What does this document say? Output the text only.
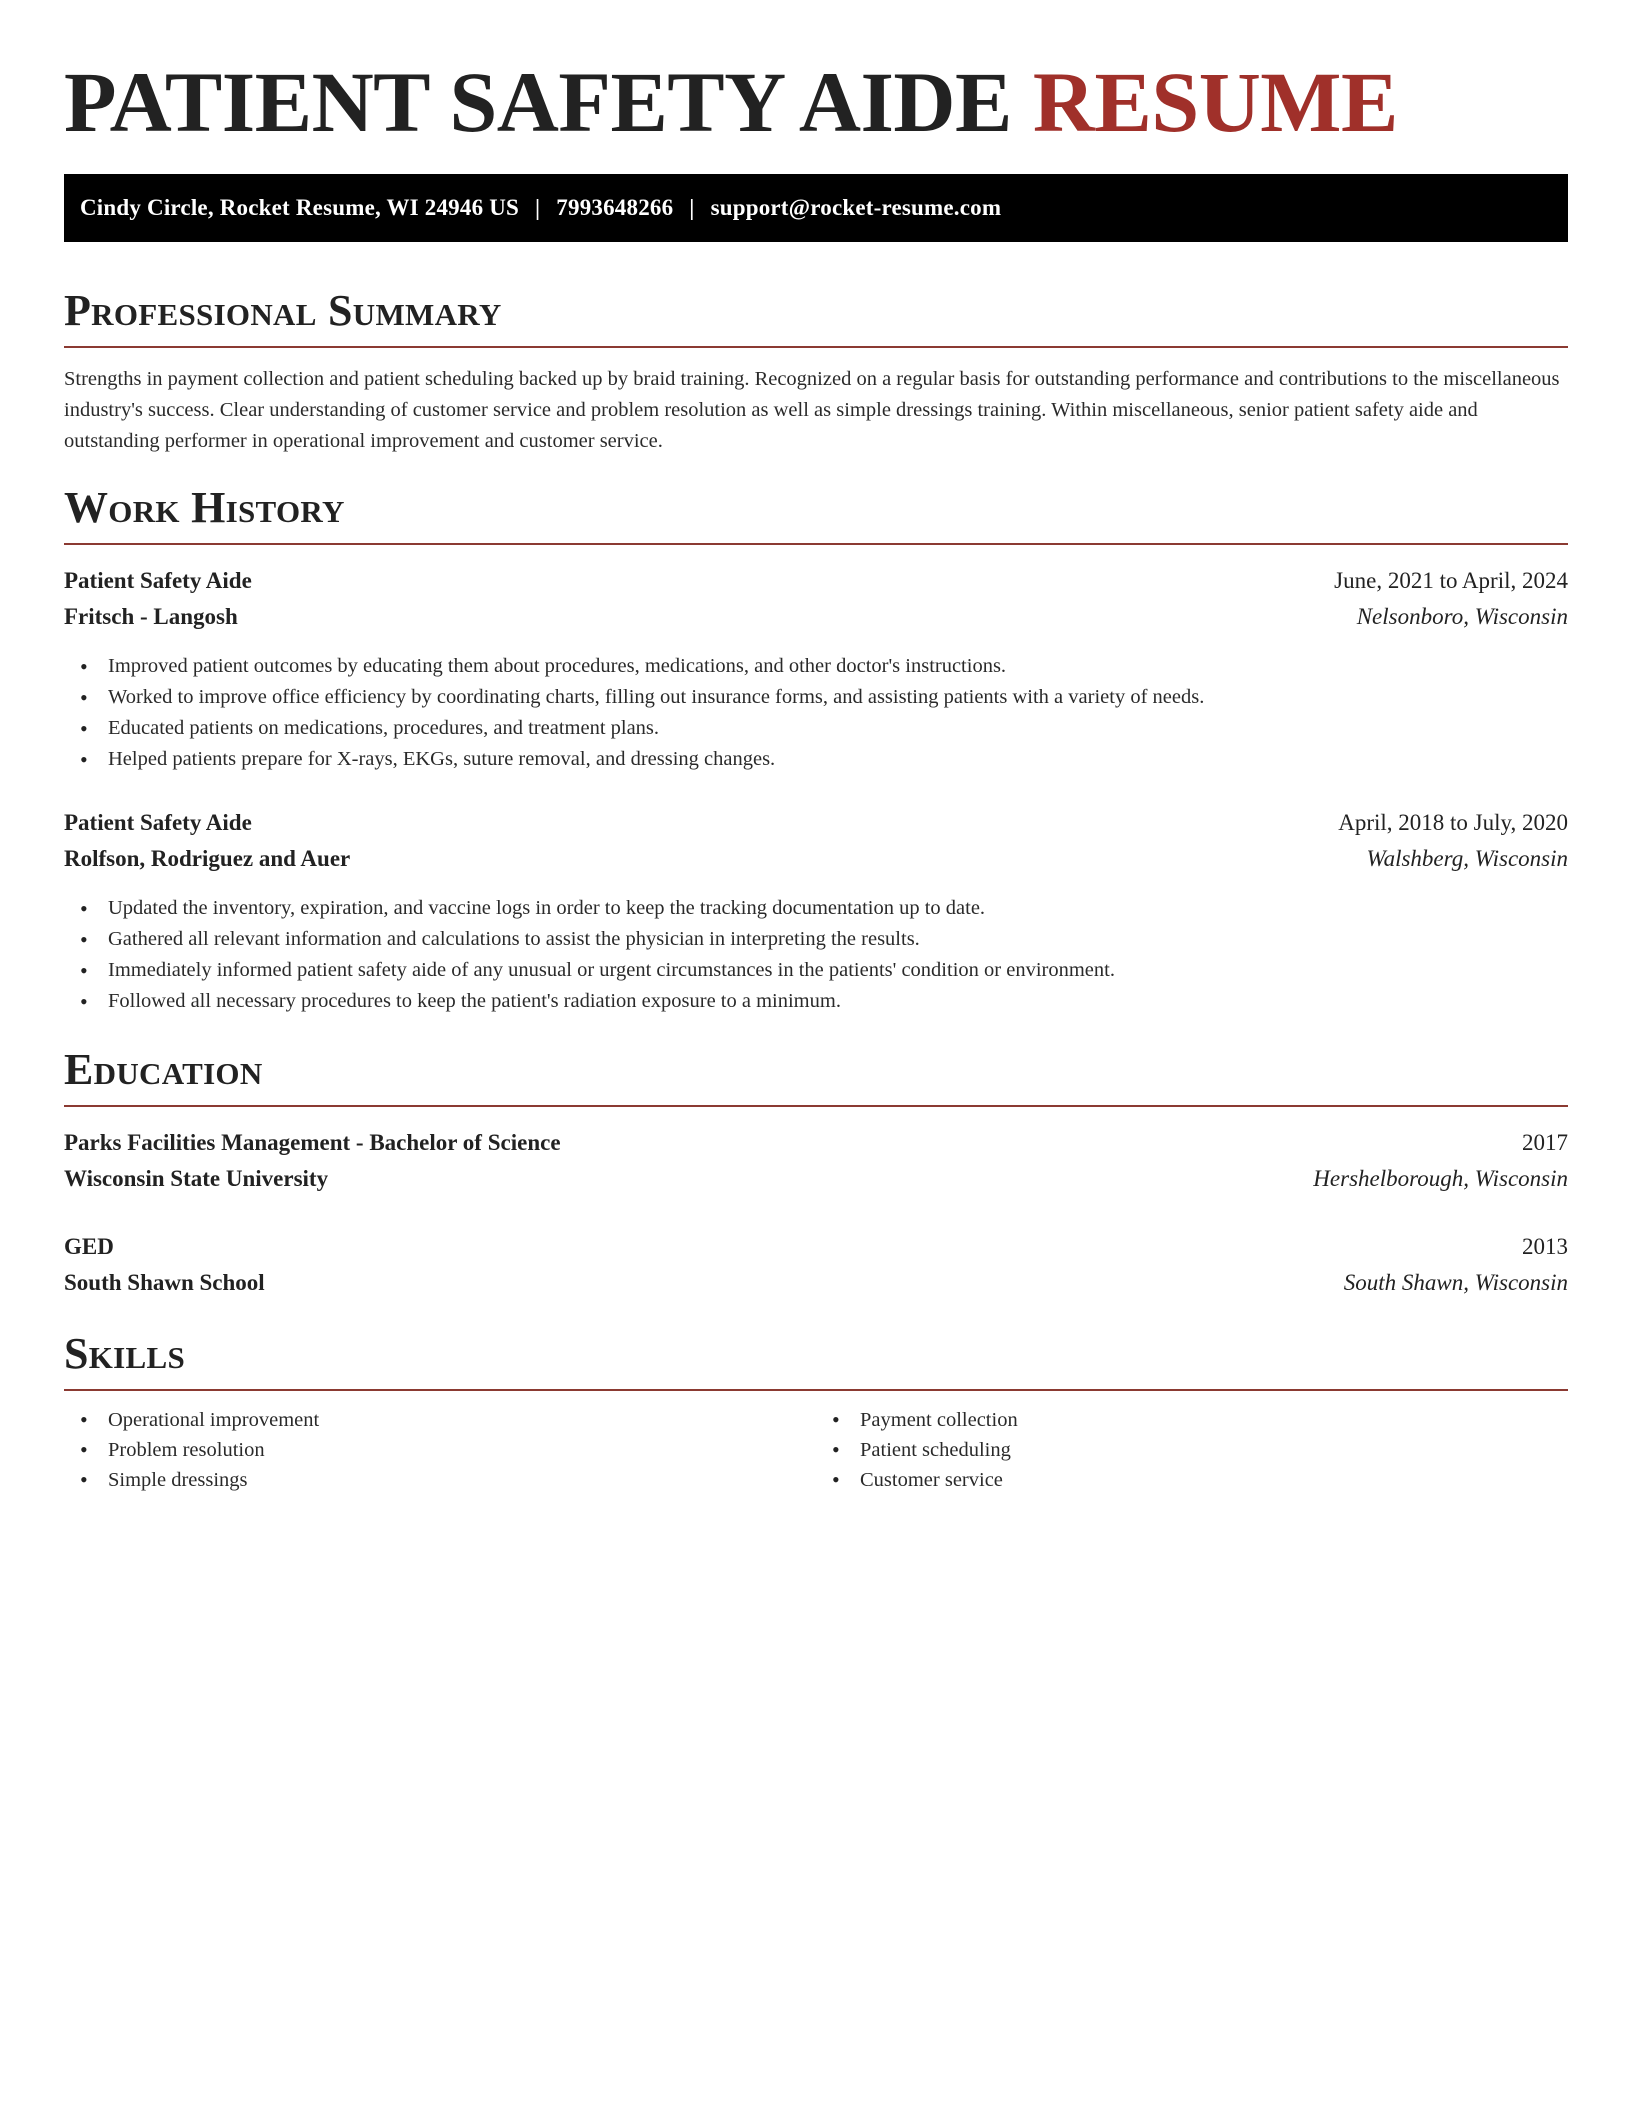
PATIENT SAFETY AIDE RESUME
Cindy Circle, Rocket Resume, WI 24946 US | 7993648266 | support@rocket-resume.com
Professional Summary

Strengths in payment collection and patient scheduling backed up by braid training. Recognized on a regular basis for outstanding performance and contributions to the miscellaneous industry's success. Clear understanding of customer service and problem resolution as well as simple dressings training. Within miscellaneous, senior patient safety aide and outstanding performer in operational improvement and customer service.

Work History
Patient Safety Aide	June, 2021 to April, 2024
Fritsch - Langosh	Nelsonboro, Wisconsin
• Improved patient outcomes by educating them about procedures, medications, and other doctor's instructions.
• Worked to improve office efficiency by coordinating charts, filling out insurance forms, and assisting patients with a variety of needs.
• Educated patients on medications, procedures, and treatment plans.
• Helped patients prepare for X-rays, EKGs, suture removal, and dressing changes.
Patient Safety Aide	April, 2018 to July, 2020
Rolfson, Rodriguez and Auer	Walshberg, Wisconsin
• Updated the inventory, expiration, and vaccine logs in order to keep the tracking documentation up to date.
• Gathered all relevant information and calculations to assist the physician in interpreting the results.
• Immediately informed patient safety aide of any unusual or urgent circumstances in the patients' condition or environment.
• Followed all necessary procedures to keep the patient's radiation exposure to a minimum.
Education
Parks Facilities Management - Bachelor of Science	2017
Wisconsin State University	Hershelborough, Wisconsin
GED	2013
South Shawn School	South Shawn, Wisconsin
Skills
• Operational improvement
• Problem resolution
• Simple dressings
• Payment collection
• Patient scheduling
• Customer service
